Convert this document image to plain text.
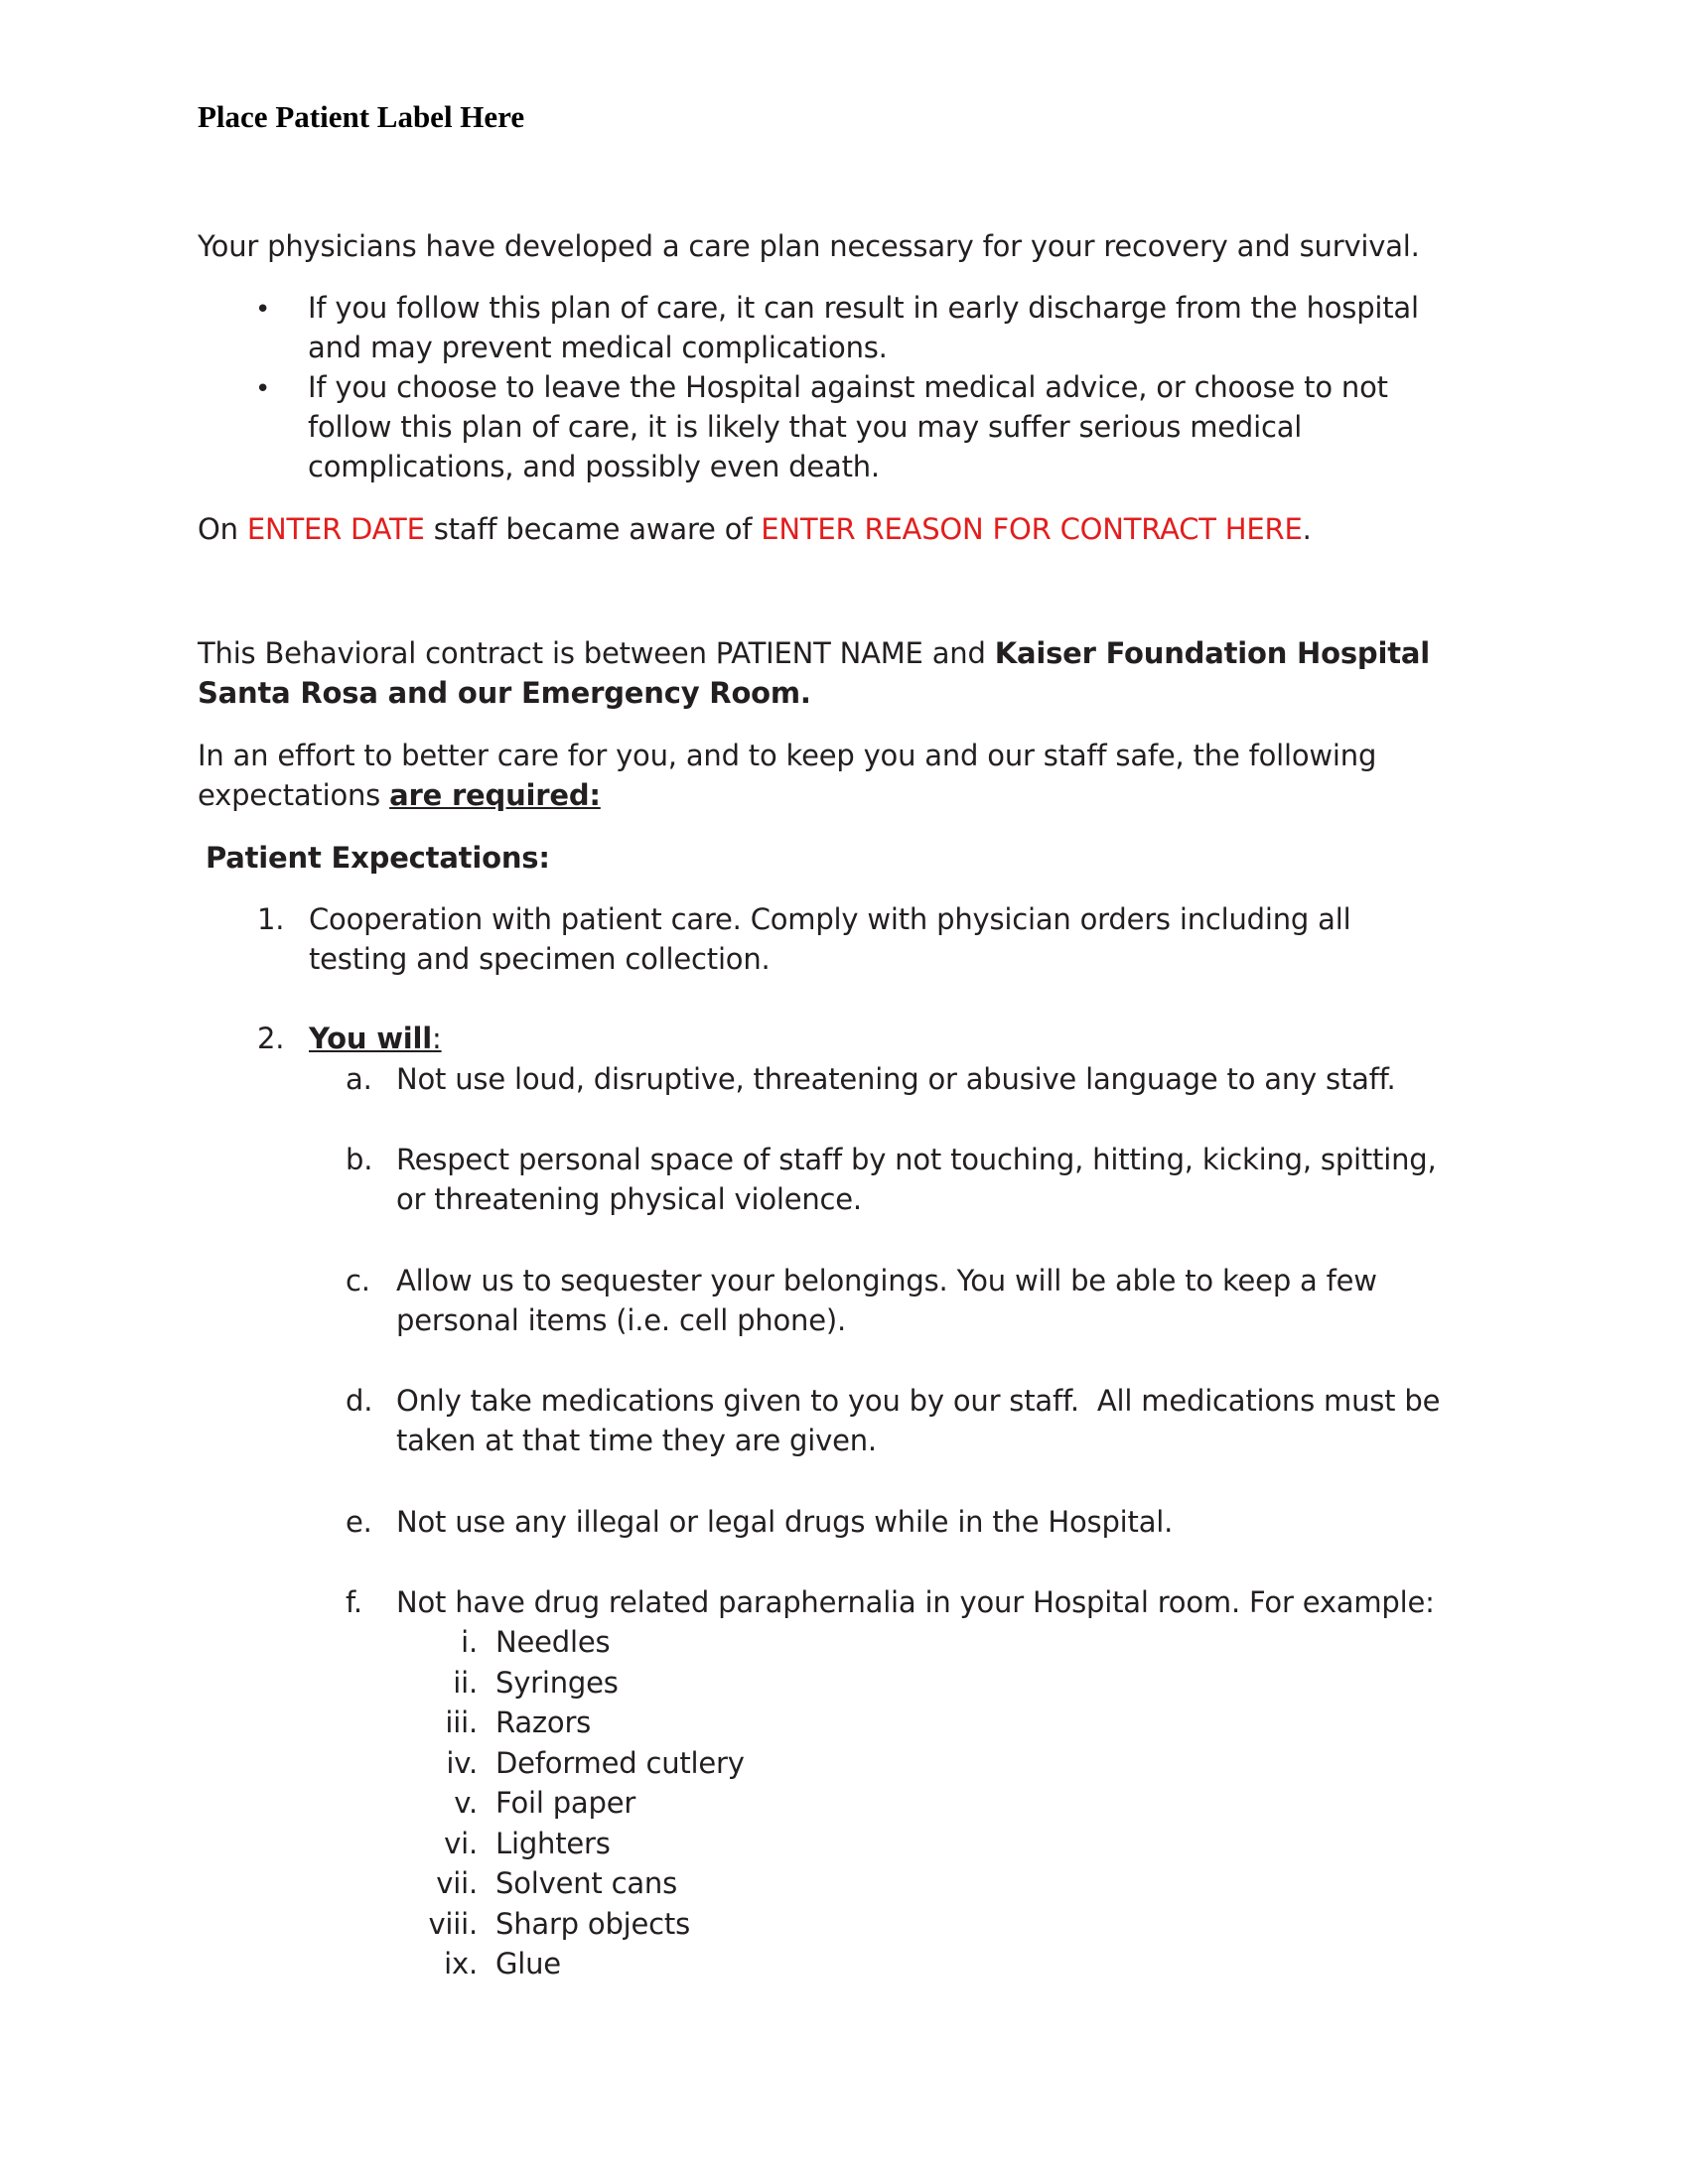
Place Patient Label Here
Your physicians have developed a care plan necessary for your recovery and survival.
• If you follow this plan of care, it can result in early discharge from the hospital
and may prevent medical complications.
• If you choose to leave the Hospital against medical advice, or choose to not
follow this plan of care, it is likely that you may suffer serious medical
complications, and possibly even death.
On ENTER DATE staff became aware of ENTER REASON FOR CONTRACT HERE.
This Behavioral contract is between PATIENT NAME and Kaiser Foundation Hospital
Santa Rosa and our Emergency Room.
In an effort to better care for you, and to keep you and our staff safe, the following
expectations are required:
Patient Expectations:
1. Cooperation with patient care. Comply with physician orders including all
testing and specimen collection.
2. You will:
a. Not use loud, disruptive, threatening or abusive language to any staff.
b. Respect personal space of staff by not touching, hitting, kicking, spitting,
or threatening physical violence.
c. Allow us to sequester your belongings. You will be able to keep a few
personal items (i.e. cell phone).
d. Only take medications given to you by our staff.  All medications must be
taken at that time they are given.
e. Not use any illegal or legal drugs while in the Hospital.
f.	Not have drug related paraphernalia in your Hospital room. For example:
i. Needles
ii. Syringes
iii. Razors
iv. Deformed cutlery
v. Foil paper
vi. Lighters
vii. Solvent cans
viii. Sharp objects
ix. Glue
